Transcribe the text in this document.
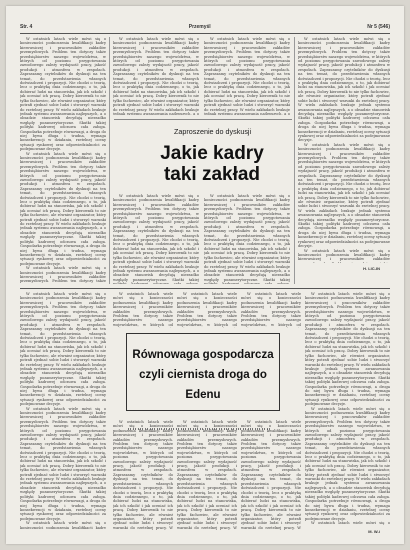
Str. 4	Przemyśl	Nr 5 (546)

W ostatnich latach wiele mówi się o konieczności podnoszenia kwalifikacji kadry kierowniczej i pracowników zakładów przemysłowych. Problem ten dotyczy także przedsiębiorstw naszego województwa, w których od poziomu przygotowania zawodowego zależy wydajność pracy, jakość produkcji i atmosfera w zespołach. Zapraszamy czytelników do dyskusji na ten temat, do przedstawienia własnych doświadczeń i propozycji. Nie chodzi o teorię, lecz o praktykę dnia codziennego, o to, jak dobierać ludzi na stanowiska, jak ich szkolić i jak oceniać ich pracę. Dobry kierownik to nie tylko fachowiec, ale również organizator, który potrafi zjednać sobie ludzi i stworzyć warunki do rzetelnej pracy. W wielu zakładach brakuje jednak systemu awansowania najlepszych, a o obsadzie stanowisk decydują nierzadko względy pozamerytoryczne. Skutki takiej polityki kadrowej odczuwa cała załoga. Gospodarka potrzebuje równowagi, a droga do niej bywa długa i trudna, wymaga konsekwencji w działaniu, rzetelnej oceny sytuacji rynkowej oraz odpowiedzialności za podejmowane decyzje.

W ostatnich latach wiele mówi się o konieczności podnoszenia kwalifikacji kadry kierowniczej i pracowników zakładów przemysłowych. Problem ten dotyczy także przedsiębiorstw naszego województwa, w których od poziomu przygotowania zawodowego zależy wydajność pracy, jakość produkcji i atmosfera w zespołach. Zapraszamy czytelników do dyskusji na ten temat, do przedstawienia własnych doświadczeń i propozycji. Nie chodzi o teorię, lecz o praktykę dnia codziennego, o to, jak dobierać ludzi na stanowiska, jak ich szkolić i jak oceniać ich pracę. Dobry kierownik to nie tylko fachowiec, ale również organizator, który potrafi zjednać sobie ludzi i stworzyć warunki do rzetelnej pracy. W wielu zakładach brakuje jednak systemu awansowania najlepszych, a o obsadzie stanowisk decydują nierzadko względy pozamerytoryczne. Skutki takiej polityki kadrowej odczuwa cała załoga. Gospodarka potrzebuje równowagi, a droga do niej bywa długa i trudna, wymaga konsekwencji w działaniu, rzetelnej oceny sytuacji rynkowej oraz odpowiedzialności za podejmowane decyzje.

W ostatnich latach wiele mówi się o konieczności podnoszenia kwalifikacji kadry kierowniczej i pracowników zakładów przemysłowych. Problem ten dotyczy także

W ostatnich latach wiele mówi się o konieczności podnoszenia kwalifikacji kadry kierowniczej i pracowników zakładów przemysłowych. Problem ten dotyczy także przedsiębiorstw naszego województwa, w których od poziomu przygotowania zawodowego zależy wydajność pracy, jakość produkcji i atmosfera w zespołach. Zapraszamy czytelników do dyskusji na ten temat, do przedstawienia własnych doświadczeń i propozycji. Nie chodzi o teorię, lecz o praktykę dnia codziennego, o to, jak dobierać ludzi na stanowiska, jak ich szkolić i jak oceniać ich pracę. Dobry kierownik to nie tylko fachowiec, ale również organizator, który potrafi zjednać sobie ludzi i stworzyć warunki do rzetelnej pracy. W wielu zakładach brakuje jednak systemu awansowania najlepszych, a o

W ostatnich latach wiele mówi się o konieczności podnoszenia kwalifikacji kadry kierowniczej i pracowników zakładów przemysłowych. Problem ten dotyczy także przedsiębiorstw naszego województwa, w których od poziomu przygotowania zawodowego zależy wydajność pracy, jakość produkcji i atmosfera w zespołach. Zapraszamy czytelników do dyskusji na ten temat, do przedstawienia własnych doświadczeń i propozycji. Nie chodzi o teorię, lecz o praktykę dnia codziennego, o to, jak dobierać ludzi na stanowiska, jak ich szkolić i jak oceniać ich pracę. Dobry kierownik to nie tylko fachowiec, ale również organizator, który potrafi zjednać sobie ludzi i stworzyć warunki do rzetelnej pracy. W wielu zakładach brakuje jednak systemu awansowania najlepszych, a o

W ostatnich latach wiele mówi się o konieczności podnoszenia kwalifikacji kadry kierowniczej i pracowników zakładów przemysłowych. Problem ten dotyczy także przedsiębiorstw naszego województwa, w których od poziomu przygotowania zawodowego zależy wydajność pracy, jakość produkcji i atmosfera w zespołach. Zapraszamy czytelników do dyskusji na ten temat, do przedstawienia własnych doświadczeń i propozycji. Nie chodzi o teorię, lecz o praktykę dnia codziennego, o to, jak dobierać ludzi na stanowiska, jak ich szkolić i jak oceniać ich pracę. Dobry kierownik to nie tylko fachowiec, ale również organizator, który potrafi zjednać sobie ludzi i stworzyć warunki do rzetelnej pracy. W wielu zakładach brakuje jednak systemu awansowania najlepszych, a o obsadzie stanowisk decydują nierzadko względy pozamerytoryczne. Skutki takiej polityki kadrowej odczuwa cała załoga. Gospodarka potrzebuje równowagi, a droga do niej bywa długa i trudna, wymaga konsekwencji w działaniu, rzetelnej oceny sytuacji rynkowej oraz odpowiedzialności za podejmowane decyzje.

W ostatnich latach wiele mówi się o konieczności podnoszenia kwalifikacji kadry kierowniczej i pracowników zakładów przemysłowych. Problem ten dotyczy także przedsiębiorstw naszego województwa, w których od poziomu przygotowania zawodowego zależy wydajność pracy, jakość produkcji i atmosfera w zespołach. Zapraszamy czytelników do dyskusji na ten temat, do przedstawienia własnych doświadczeń i propozycji. Nie chodzi o teorię, lecz o praktykę dnia codziennego, o to, jak dobierać ludzi na stanowiska, jak ich szkolić i jak oceniać ich pracę. Dobry kierownik to nie tylko fachowiec, ale również organizator, który potrafi zjednać sobie ludzi i stworzyć warunki do rzetelnej pracy. W wielu zakładach brakuje jednak systemu awansowania najlepszych, a o obsadzie stanowisk decydują nierzadko względy pozamerytoryczne. Skutki takiej polityki kadrowej odczuwa cała załoga. Gospodarka potrzebuje równowagi, a droga do niej bywa długa i trudna, wymaga konsekwencji w działaniu, rzetelnej oceny sytuacji rynkowej oraz odpowiedzialności za podejmowane decyzje.

W ostatnich latach wiele mówi się o konieczności podnoszenia kwalifikacji kadry kierowniczej i pracowników zakładów

Zaproszenie do dyskusji
Jakie kadry
taki zakład

W ostatnich latach wiele mówi się o konieczności podnoszenia kwalifikacji kadry kierowniczej i pracowników zakładów przemysłowych. Problem ten dotyczy także przedsiębiorstw naszego województwa, w których od poziomu przygotowania zawodowego zależy wydajność pracy, jakość produkcji i atmosfera w zespołach. Zapraszamy czytelników do dyskusji na ten temat, do przedstawienia własnych doświadczeń i propozycji. Nie chodzi o teorię, lecz o praktykę dnia codziennego, o to, jak dobierać ludzi na stanowiska, jak ich szkolić i jak oceniać ich pracę. Dobry kierownik to nie tylko fachowiec, ale również organizator, który potrafi zjednać sobie ludzi i stworzyć warunki do rzetelnej pracy. W wielu zakładach brakuje jednak systemu awansowania najlepszych, a o obsadzie stanowisk decydują nierzadko względy pozamerytoryczne. Skutki takiej

W ostatnich latach wiele mówi się o konieczności podnoszenia kwalifikacji kadry kierowniczej i pracowników zakładów przemysłowych. Problem ten dotyczy także przedsiębiorstw naszego województwa, w których od poziomu przygotowania zawodowego zależy wydajność pracy, jakość produkcji i atmosfera w zespołach. Zapraszamy czytelników do dyskusji na ten temat, do przedstawienia własnych doświadczeń i propozycji. Nie chodzi o teorię, lecz o praktykę dnia codziennego, o to, jak dobierać ludzi na stanowiska, jak ich szkolić i jak oceniać ich pracę. Dobry kierownik to nie tylko fachowiec, ale również organizator, który potrafi zjednać sobie ludzi i stworzyć warunki do rzetelnej pracy. W wielu zakładach brakuje jednak systemu awansowania najlepszych, a o obsadzie stanowisk decydują nierzadko względy pozamerytoryczne. Skutki takiej

H. LIC-IN

W ostatnich latach wiele mówi się o konieczności podnoszenia kwalifikacji kadry kierowniczej i pracowników zakładów przemysłowych. Problem ten dotyczy także przedsiębiorstw naszego województwa, w których od poziomu przygotowania zawodowego zależy wydajność pracy, jakość produkcji i atmosfera w zespołach. Zapraszamy czytelników do dyskusji na ten temat, do przedstawienia własnych doświadczeń i propozycji. Nie chodzi o teorię, lecz o praktykę dnia codziennego, o to, jak dobierać ludzi na stanowiska, jak ich szkolić i jak oceniać ich pracę. Dobry kierownik to nie tylko fachowiec, ale również organizator, który potrafi zjednać sobie ludzi i stworzyć warunki do rzetelnej pracy. W wielu zakładach brakuje jednak systemu awansowania najlepszych, a o obsadzie stanowisk decydują nierzadko względy pozamerytoryczne. Skutki takiej polityki kadrowej odczuwa cała załoga. Gospodarka potrzebuje równowagi, a droga do niej bywa długa i trudna, wymaga konsekwencji w działaniu, rzetelnej oceny sytuacji rynkowej oraz odpowiedzialności za podejmowane decyzje.

W ostatnich latach wiele mówi się o konieczności podnoszenia kwalifikacji kadry kierowniczej i pracowników zakładów przemysłowych. Problem ten dotyczy także przedsiębiorstw naszego województwa, w których od poziomu przygotowania zawodowego zależy wydajność pracy, jakość produkcji i atmosfera w zespołach. Zapraszamy czytelników do dyskusji na ten temat, do przedstawienia własnych doświadczeń i propozycji. Nie chodzi o teorię, lecz o praktykę dnia codziennego, o to, jak dobierać ludzi na stanowiska, jak ich szkolić i jak oceniać ich pracę. Dobry kierownik to nie tylko fachowiec, ale również organizator, który potrafi zjednać sobie ludzi i stworzyć warunki do rzetelnej pracy. W wielu zakładach brakuje jednak systemu awansowania najlepszych, a o obsadzie stanowisk decydują nierzadko względy pozamerytoryczne. Skutki takiej polityki kadrowej odczuwa cała załoga. Gospodarka potrzebuje równowagi, a droga do niej bywa długa i trudna, wymaga konsekwencji w działaniu, rzetelnej oceny sytuacji rynkowej oraz odpowiedzialności za podejmowane decyzje.

W ostatnich latach wiele mówi się o konieczności podnoszenia kwalifikacji kadry

W ostatnich latach wiele mówi się o konieczności podnoszenia kwalifikacji kadry kierowniczej i pracowników zakładów przemysłowych. Problem ten dotyczy także przedsiębiorstw naszego województwa, w których od

W ostatnich latach wiele mówi się o konieczności podnoszenia kwalifikacji kadry kierowniczej i pracowników zakładów przemysłowych. Problem ten dotyczy także przedsiębiorstw naszego województwa, w których od

W ostatnich latach wiele mówi się o konieczności podnoszenia kwalifikacji kadry kierowniczej i pracowników zakładów przemysłowych. Problem ten dotyczy także przedsiębiorstw naszego województwa, w których od

W ostatnich latach wiele mówi się o konieczności podnoszenia kwalifikacji kadry kierowniczej i pracowników zakładów przemysłowych. Problem ten dotyczy także przedsiębiorstw naszego województwa, w których od poziomu przygotowania zawodowego zależy wydajność pracy, jakość produkcji i atmosfera w zespołach. Zapraszamy czytelników do dyskusji na ten temat, do przedstawienia własnych doświadczeń i propozycji. Nie chodzi o teorię, lecz o praktykę dnia codziennego, o to, jak dobierać ludzi na stanowiska, jak ich szkolić i jak oceniać ich pracę. Dobry kierownik to nie tylko fachowiec, ale również organizator, który potrafi zjednać sobie ludzi i stworzyć warunki do rzetelnej pracy. W wielu zakładach brakuje jednak systemu awansowania najlepszych, a o obsadzie stanowisk decydują nierzadko względy pozamerytoryczne. Skutki takiej polityki kadrowej odczuwa cała załoga. Gospodarka potrzebuje równowagi, a droga do niej bywa długa i trudna, wymaga konsekwencji w działaniu, rzetelnej oceny sytuacji rynkowej oraz odpowiedzialności za podejmowane decyzje.

W ostatnich latach wiele mówi się o konieczności podnoszenia kwalifikacji kadry kierowniczej i pracowników zakładów przemysłowych. Problem ten dotyczy także przedsiębiorstw naszego województwa, w których od poziomu przygotowania zawodowego zależy wydajność pracy, jakość produkcji i atmosfera w zespołach. Zapraszamy czytelników do dyskusji na ten temat, do przedstawienia własnych doświadczeń i propozycji. Nie chodzi o teorię, lecz o praktykę dnia codziennego, o to, jak dobierać ludzi na stanowiska, jak ich szkolić i jak oceniać ich pracę. Dobry kierownik to nie tylko fachowiec, ale również organizator, który potrafi zjednać sobie ludzi i stworzyć warunki do rzetelnej pracy. W wielu zakładach brakuje jednak systemu awansowania najlepszych, a o obsadzie stanowisk decydują nierzadko względy pozamerytoryczne. Skutki takiej polityki kadrowej odczuwa cała załoga. Gospodarka potrzebuje równowagi, a droga do niej bywa długa i trudna, wymaga konsekwencji w działaniu, rzetelnej oceny sytuacji rynkowej oraz odpowiedzialności za podejmowane decyzje.

W ostatnich latach wiele mówi się o

Równowaga gospodarcza
czyli ciernista droga do Edenu

W ostatnich latach wiele mówi się o konieczności podnoszenia kwalifikacji kadry kierowniczej i pracowników zakładów przemysłowych. Problem ten dotyczy także przedsiębiorstw naszego województwa, w których od poziomu przygotowania zawodowego zależy wydajność pracy, jakość produkcji i atmosfera w zespołach. Zapraszamy czytelników do dyskusji na ten temat, do przedstawienia własnych doświadczeń i propozycji. Nie chodzi o teorię, lecz o praktykę dnia codziennego, o to, jak dobierać ludzi na stanowiska, jak ich szkolić i jak oceniać ich pracę. Dobry kierownik to nie tylko fachowiec, ale również organizator, który potrafi zjednać sobie ludzi i stworzyć warunki do rzetelnej pracy. W

W ostatnich latach wiele mówi się o konieczności podnoszenia kwalifikacji kadry kierowniczej i pracowników zakładów przemysłowych. Problem ten dotyczy także przedsiębiorstw naszego województwa, w których od poziomu przygotowania zawodowego zależy wydajność pracy, jakość produkcji i atmosfera w zespołach. Zapraszamy czytelników do dyskusji na ten temat, do przedstawienia własnych doświadczeń i propozycji. Nie chodzi o teorię, lecz o praktykę dnia codziennego, o to, jak dobierać ludzi na stanowiska, jak ich szkolić i jak oceniać ich pracę. Dobry kierownik to nie tylko fachowiec, ale również organizator, który potrafi zjednać sobie ludzi i stworzyć warunki do rzetelnej pracy. W

W ostatnich latach wiele mówi się o konieczności podnoszenia kwalifikacji kadry kierowniczej i pracowników zakładów przemysłowych. Problem ten dotyczy także przedsiębiorstw naszego województwa, w których od poziomu przygotowania zawodowego zależy wydajność pracy, jakość produkcji i atmosfera w zespołach. Zapraszamy czytelników do dyskusji na ten temat, do przedstawienia własnych doświadczeń i propozycji. Nie chodzi o teorię, lecz o praktykę dnia codziennego, o to, jak dobierać ludzi na stanowiska, jak ich szkolić i jak oceniać ich pracę. Dobry kierownik to nie tylko fachowiec, ale również organizator, który potrafi zjednać sobie ludzi i stworzyć warunki do rzetelnej pracy. W

M. W-i
